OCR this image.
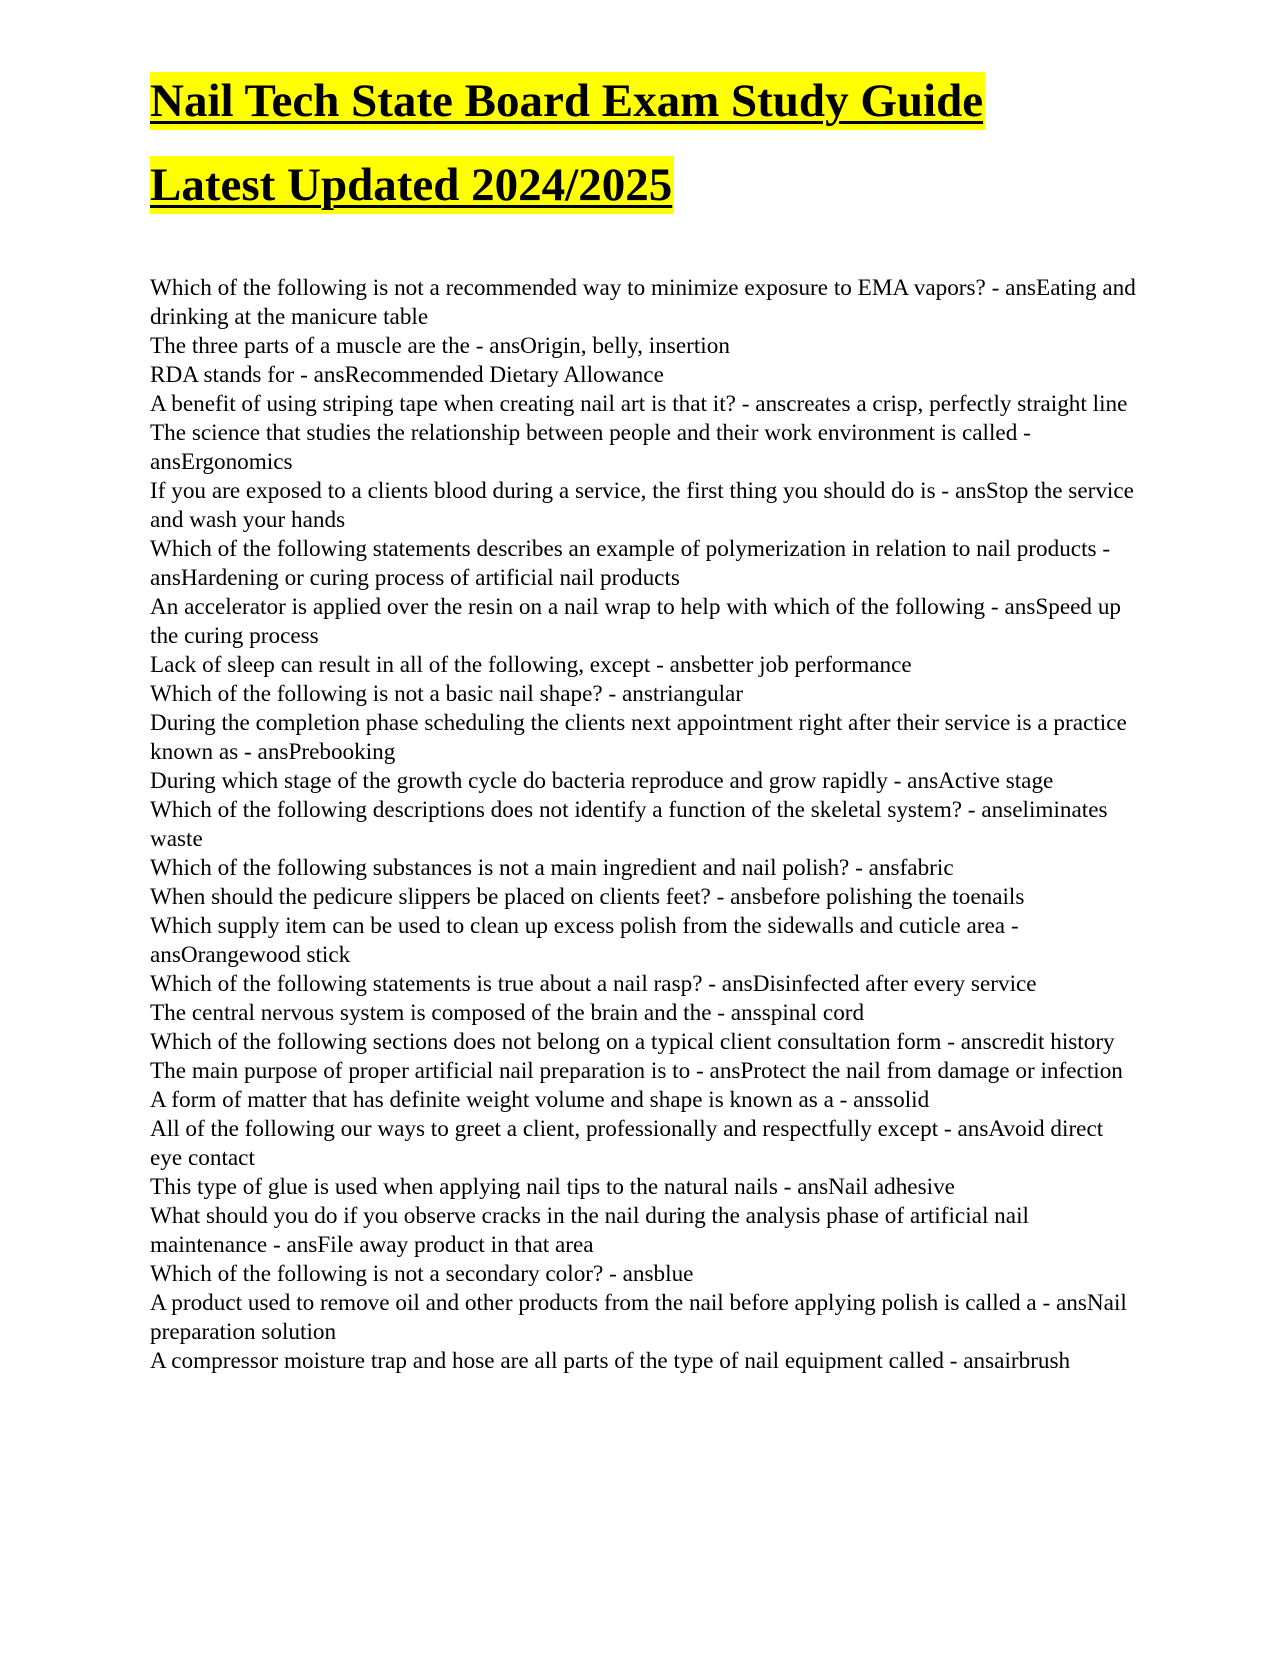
Nail Tech State Board Exam Study Guide
Latest Updated 2024/2025
Which of the following is not a recommended way to minimize exposure to EMA vapors? - ansEating and drinking at the manicure table
The three parts of a muscle are the - ansOrigin, belly, insertion
RDA stands for - ansRecommended Dietary Allowance
A benefit of using striping tape when creating nail art is that it? - anscreates a crisp, perfectly straight line
The science that studies the relationship between people and their work environment is called - ansErgonomics
If you are exposed to a clients blood during a service, the first thing you should do is - ansStop the service and wash your hands
Which of the following statements describes an example of polymerization in relation to nail products - ansHardening or curing process of artificial nail products
An accelerator is applied over the resin on a nail wrap to help with which of the following - ansSpeed up the curing process
Lack of sleep can result in all of the following, except - ansbetter job performance
Which of the following is not a basic nail shape? - anstriangular
During the completion phase scheduling the clients next appointment right after their service is a practice known as - ansPrebooking
During which stage of the growth cycle do bacteria reproduce and grow rapidly - ansActive stage
Which of the following descriptions does not identify a function of the skeletal system? - anseliminates waste
Which of the following substances is not a main ingredient and nail polish? - ansfabric
When should the pedicure slippers be placed on clients feet? - ansbefore polishing the toenails
Which supply item can be used to clean up excess polish from the sidewalls and cuticle area - ansOrangewood stick
Which of the following statements is true about a nail rasp? - ansDisinfected after every service
The central nervous system is composed of the brain and the - ansspinal cord
Which of the following sections does not belong on a typical client consultation form - anscredit history
The main purpose of proper artificial nail preparation is to - ansProtect the nail from damage or infection
A form of matter that has definite weight volume and shape is known as a - anssolid
All of the following our ways to greet a client, professionally and respectfully except - ansAvoid direct eye contact
This type of glue is used when applying nail tips to the natural nails - ansNail adhesive
What should you do if you observe cracks in the nail during the analysis phase of artificial nail maintenance - ansFile away product in that area
Which of the following is not a secondary color? - ansblue
A product used to remove oil and other products from the nail before applying polish is called a - ansNail preparation solution
A compressor moisture trap and hose are all parts of the type of nail equipment called - ansairbrush
